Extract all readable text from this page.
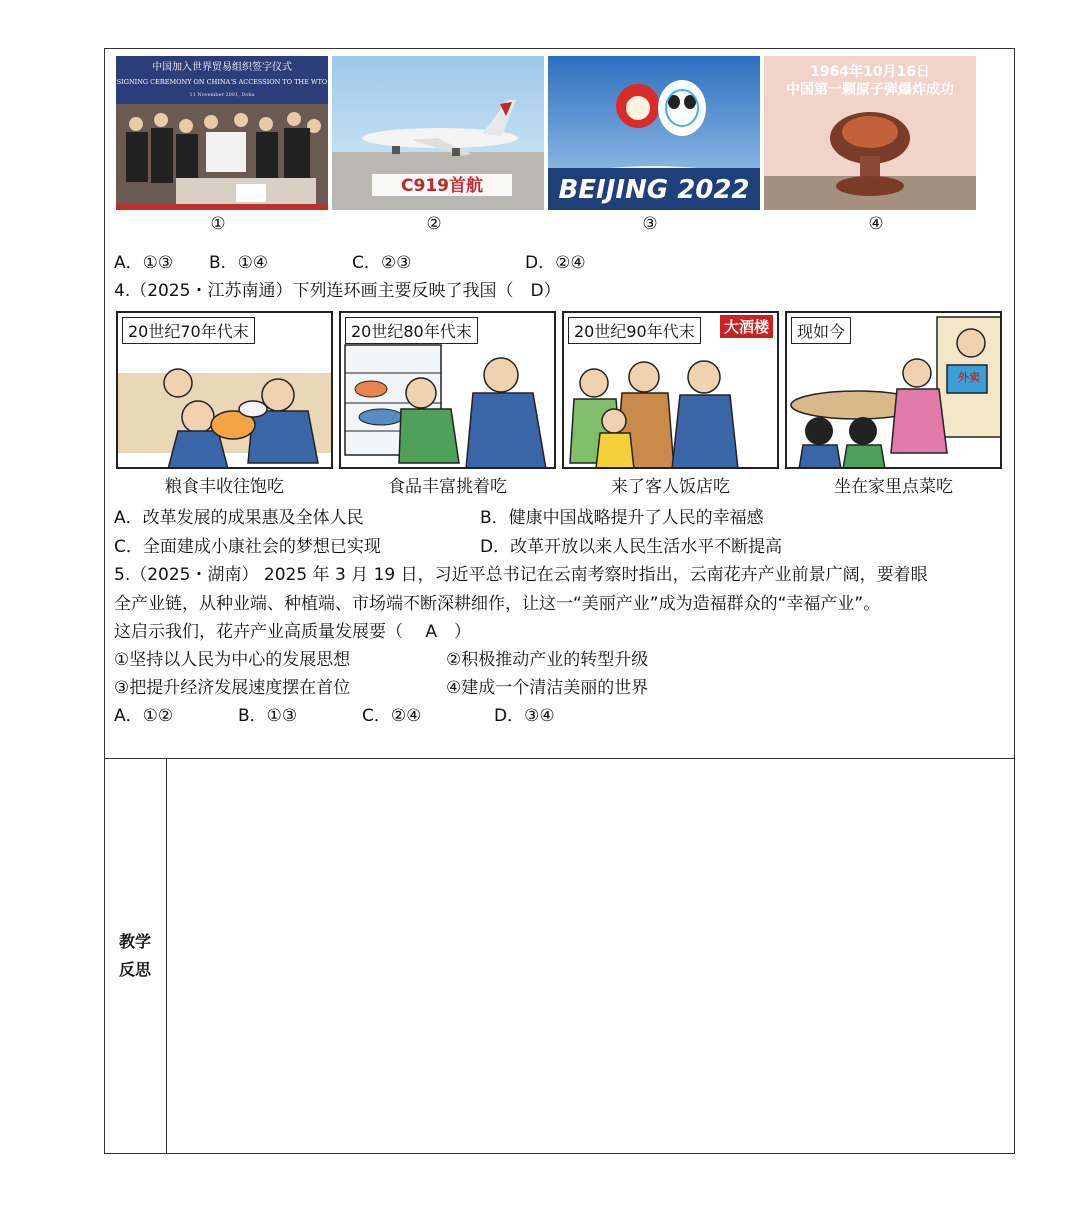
中国加入世界贸易组织签字仪式
SIGNING CEREMONY ON CHINA'S ACCESSION TO THE WTO
11 November 2001, Doha
C919首航	BEIJING 2022
1964年10月16日
中国第一颗原子弹爆炸成功
①	②	③	④
A．①③ B．①④	C．②③	D．②④
4.（2025・江苏南通）下列连环画主要反映了我国（　D）
20世纪70年代末	20世纪80年代末	20世纪90年代末	大酒楼	现如今
外卖
粮食丰收往饱吃	食品丰富挑着吃	来了客人饭店吃	坐在家里点菜吃
A．改革发展的成果惠及全体人民	B．健康中国战略提升了人民的幸福感
C．全面建成小康社会的梦想已实现	D．改革开放以来人民生活水平不断提高
5.（2025・湖南） 2025 年 3 月 19 日，习近平总书记在云南考察时指出，云南花卉产业前景广阔，要着眼
全产业链，从种业端、种植端、市场端不断深耕细作，让这一“美丽产业”成为造福群众的“幸福产业”。
这启示我们，花卉产业高质量发展要（　 A　）
①坚持以人民为中心的发展思想	②积极推动产业的转型升级
③把提升经济发展速度摆在首位	④建成一个清洁美丽的世界
A．①②	B．①③	C．②④	D．③④
教学
反思
